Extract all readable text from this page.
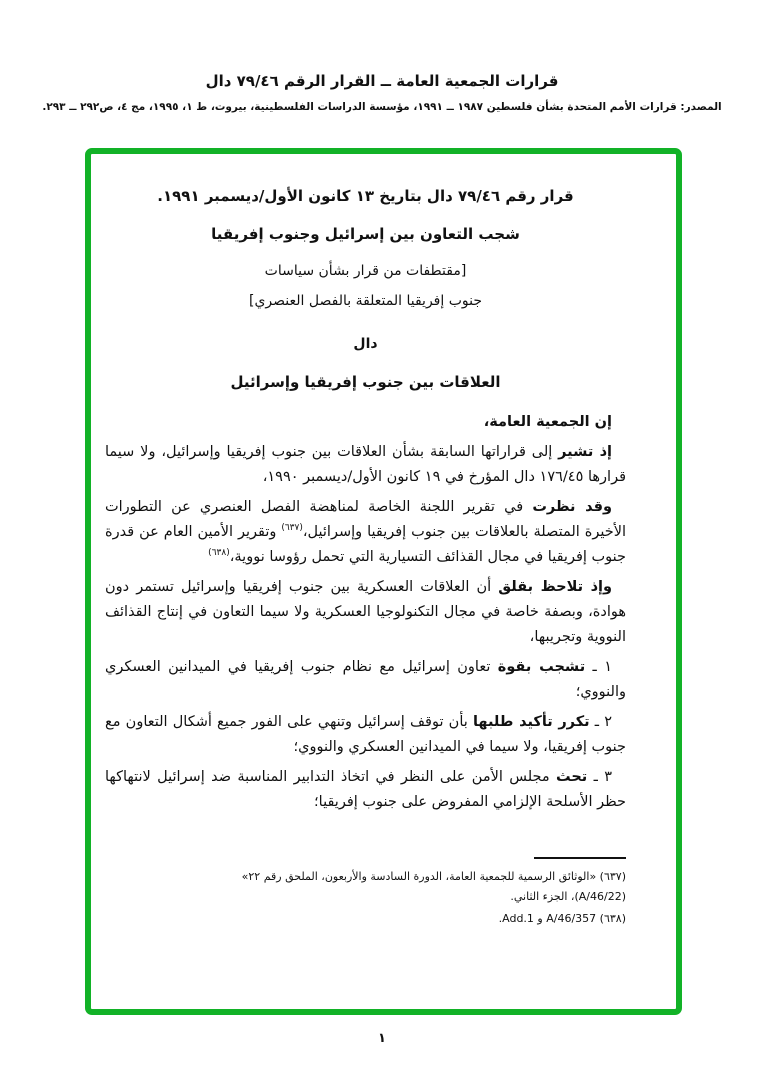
قرارات الجمعية العامة ــ القرار الرقم ٧٩/٤٦ دال
المصدر: قرارات الأمم المتحدة بشأن فلسطين ١٩٨٧ ــ ١٩٩١، مؤسسة الدراسات الفلسطينية، بيروت، ط ١، ١٩٩٥، مج ٤، ص٢٩٢ ــ ٢٩٣.

قرار رقم ٧٩/٤٦ دال بتاريخ ١٣ كانون الأول/ديسمبر ١٩٩١.

شجب التعاون بين إسرائيل وجنوب إفريقيا

[مقتطفات من قرار بشأن سياسات

جنوب إفريقيا المتعلقة بالفصل العنصري]

دال

العلاقات بين جنوب إفريقيا وإسرائيل

إن الجمعية العامة،

إذ تشير إلى قراراتها السابقة بشأن العلاقات بين جنوب إفريقيا وإسرائيل، ولا سيما قرارها ١٧٦/٤٥ دال المؤرخ في ١٩ كانون الأول/ديسمبر ١٩٩٠،

وقد نظرت في تقرير اللجنة الخاصة لمناهضة الفصل العنصري عن التطورات الأخيرة المتصلة بالعلاقات بين جنوب إفريقيا وإسرائيل،$^{(٦٣٧)}$ وتقرير الأمين العام عن قدرة جنوب إفريقيا في مجال القذائف التسيارية التي تحمل رؤوسا نووية،$^{(٦٣٨)}$

وإذ تلاحظ بقلق أن العلاقات العسكرية بين جنوب إفريقيا وإسرائيل تستمر دون هوادة، وبصفة خاصة في مجال التكنولوجيا العسكرية ولا سيما التعاون في إنتاج القذائف النووية وتجريبها،

١ ـ تشجب بقوة تعاون إسرائيل مع نظام جنوب إفريقيا في الميدانين العسكري والنووي؛

٢ ـ تكرر تأكيد طلبها بأن توقف إسرائيل وتنهي على الفور جميع أشكال التعاون مع جنوب إفريقيا، ولا سيما في الميدانين العسكري والنووي؛

٣ ـ تحث مجلس الأمن على النظر في اتخاذ التدابير المناسبة ضد إسرائيل لانتهاكها حظر الأسلحة الإلزامي المفروض على جنوب إفريقيا؛

(٦٣٧) «الوثائق الرسمية للجمعية العامة، الدورة السادسة والأربعون، الملحق رقم ٢٢» (A/46/22)، الجزء الثاني.

(٦٣٨) A/46/357 و Add.1.

١
